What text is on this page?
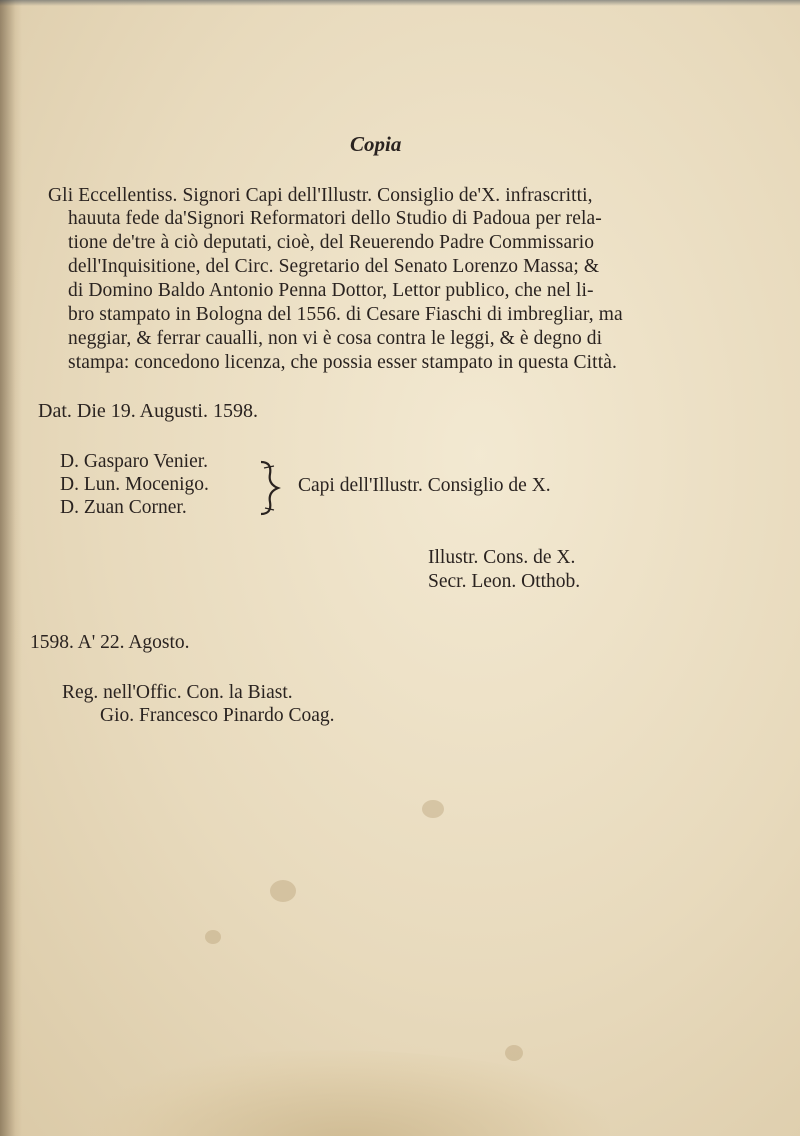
Copia
Gli Eccellentiss. Signori Capi dell'Illustr. Consiglio de'X. infrascritti,
hauuta fede da'Signori Reformatori dello Studio di Padoua per rela-
tione de'tre à ciò deputati, cioè, del Reuerendo Padre Commissario
dell'Inquisitione, del Circ. Segretario del Senato Lorenzo Massa; &
di Domino Baldo Antonio Penna Dottor, Lettor publico, che nel li-
bro stampato in Bologna del 1556. di Cesare Fiaschi di imbregliar, ma
neggiar, & ferrar caualli, non vi è cosa contra le leggi, & è degno di
stampa: concedono licenza, che possia esser stampato in questa Città.
Dat. Die 19. Augusti. 1598.
D. Gasparo Venier.
D. Lun. Mocenigo.
D. Zuan Corner.
Capi dell'Illustr. Consiglio de X.
Illustr. Cons. de X.
Secr. Leon. Otthob.
1598. A' 22. Agosto.
Reg. nell'Offic. Con. la Biast.
Gio. Francesco Pinardo Coag.
